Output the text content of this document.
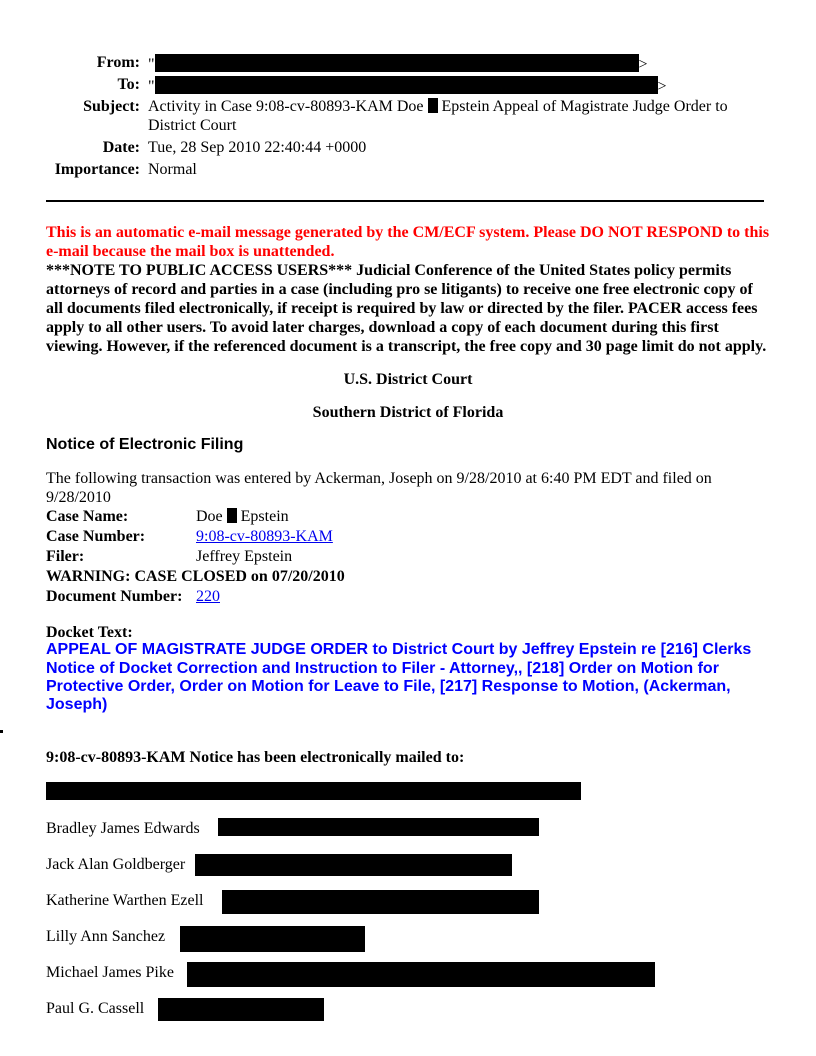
From: "	>
To: "	>
Subject: Activity in Case 9:08-cv-80893-KAM Doe Epstein Appeal of Magistrate Judge Order to
District Court
Date: Tue, 28 Sep 2010 22:40:44 +0000
Importance: Normal
This is an automatic e-mail message generated by the CM/ECF system. Please DO NOT RESPOND to this
e-mail because the mail box is unattended.
***NOTE TO PUBLIC ACCESS USERS*** Judicial Conference of the United States policy permits
attorneys of record and parties in a case (including pro se litigants) to receive one free electronic copy of
all documents filed electronically, if receipt is required by law or directed by the filer. PACER access fees
apply to all other users. To avoid later charges, download a copy of each document during this first
viewing. However, if the referenced document is a transcript, the free copy and 30 page limit do not apply.
U.S. District Court
Southern District of Florida
Notice of Electronic Filing
The following transaction was entered by Ackerman, Joseph on 9/28/2010 at 6:40 PM EDT and filed on
9/28/2010
Case Name:	Doe Epstein
Case Number:	9:08-cv-80893-KAM
Filer:	Jeffrey Epstein
WARNING: CASE CLOSED on 07/20/2010
Document Number: 220
Docket Text:
APPEAL OF MAGISTRATE JUDGE ORDER to District Court by Jeffrey Epstein re [216] Clerks
Notice of Docket Correction and Instruction to Filer - Attorney,, [218] Order on Motion for
Protective Order, Order on Motion for Leave to File, [217] Response to Motion, (Ackerman,
Joseph)
9:08-cv-80893-KAM Notice has been electronically mailed to:
Bradley James Edwards
Jack Alan Goldberger
Katherine Warthen Ezell
Lilly Ann Sanchez
Michael James Pike
Paul G. Cassell
